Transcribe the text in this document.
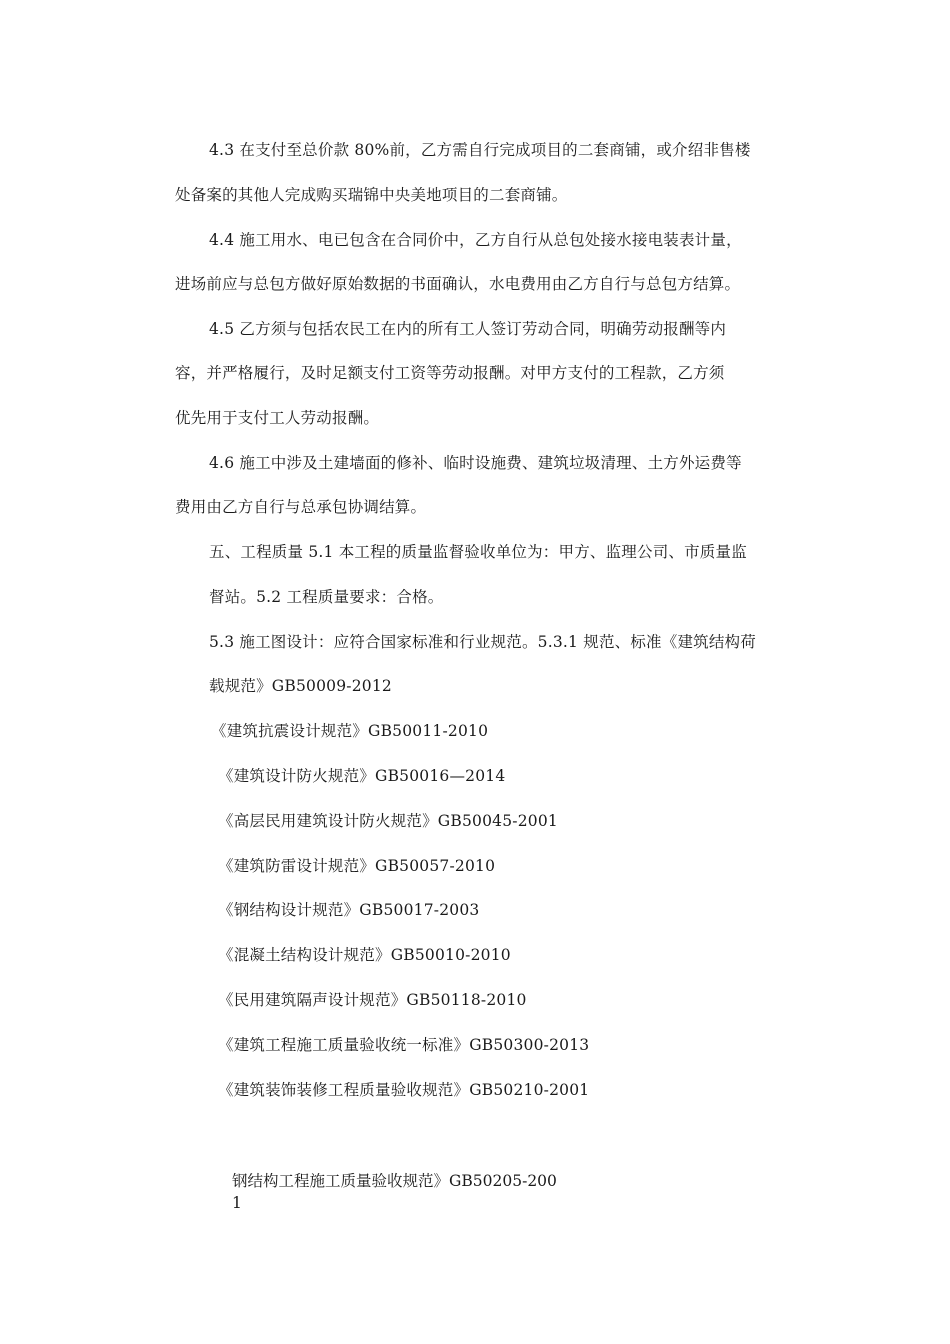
4.3 在支付至总价款 80%前，乙方需自行完成项目的二套商铺，或介绍非售楼
处备案的其他人完成购买瑞锦中央美地项目的二套商铺。
4.4 施工用水、电已包含在合同价中，乙方自行从总包处接水接电装表计量，
进场前应与总包方做好原始数据的书面确认，水电费用由乙方自行与总包方结算。
4.5 乙方须与包括农民工在内的所有工人签订劳动合同，明确劳动报酬等内
容，并严格履行，及时足额支付工资等劳动报酬。对甲方支付的工程款，乙方须
优先用于支付工人劳动报酬。
4.6 施工中涉及土建墙面的修补、临时设施费、建筑垃圾清理、土方外运费等
费用由乙方自行与总承包协调结算。
五、工程质量 5.1 本工程的质量监督验收单位为：甲方、监理公司、市质量监
督站。5.2 工程质量要求：合格。
5.3 施工图设计：应符合国家标准和行业规范。5.3.1 规范、标准《建筑结构荷
载规范》GB50009-2012
《建筑抗震设计规范》GB50011-2010
《建筑设计防火规范》GB50016—2014
《高层民用建筑设计防火规范》GB50045-2001
《建筑防雷设计规范》GB50057-2010
《钢结构设计规范》GB50017-2003
《混凝土结构设计规范》GB50010-2010
《民用建筑隔声设计规范》GB50118-2010
《建筑工程施工质量验收统一标准》GB50300-2013
《建筑装饰装修工程质量验收规范》GB50210-2001
钢结构工程施工质量验收规范》GB50205-2001
